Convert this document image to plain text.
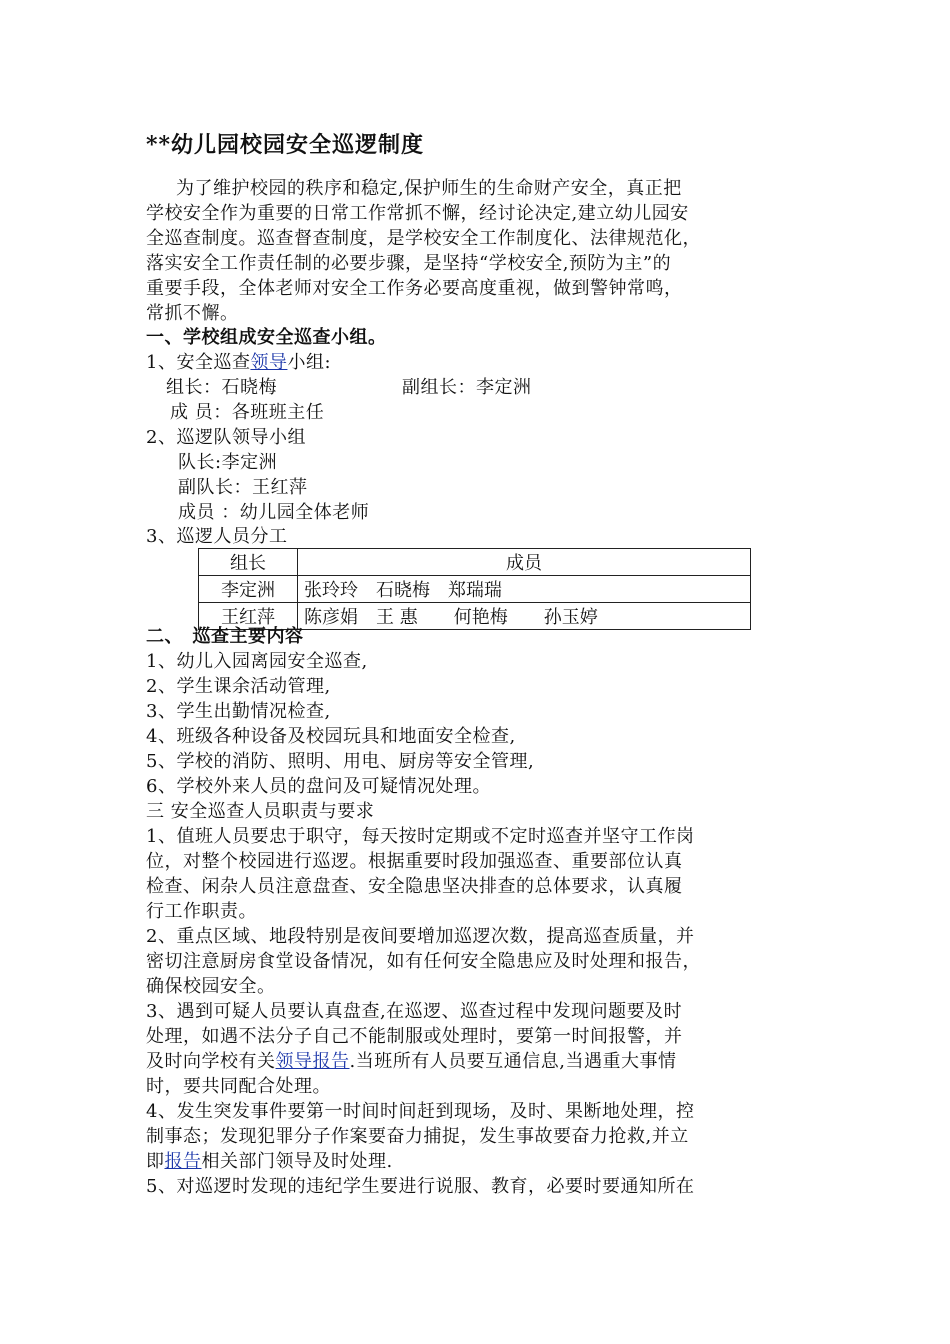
**幼儿园校园安全巡逻制度
为了维护校园的秩序和稳定,保护师生的生命财产安全，真正把
学校安全作为重要的日常工作常抓不懈，经讨论决定,建立幼儿园安
全巡查制度。巡查督查制度，是学校安全工作制度化、法律规范化，
落实安全工作责任制的必要步骤，是坚持“学校安全,预防为主”的
重要手段，全体老师对安全工作务必要高度重视，做到警钟常鸣，
常抓不懈。
一、学校组成安全巡查小组。
1、安全巡查领导小组:
组长：石晓梅	副组长：李定洲
成 员：各班班主任
2、巡逻队领导小组
队长:李定洲
副队长：王红萍
成员 ：幼儿园全体老师
3、巡逻人员分工
组长	成员
李定洲	张玲玲　石晓梅　郑瑞瑞
王红萍	陈彦娟　王 惠　　何艳梅　　孙玉婷
二、　巡查主要内容
1、幼儿入园离园安全巡查,
2、学生课余活动管理,
3、学生出勤情况检查,
4、班级各种设备及校园玩具和地面安全检查,
5、学校的消防、照明、用电、厨房等安全管理,
6、学校外来人员的盘问及可疑情况处理。
三 安全巡查人员职责与要求
1、值班人员要忠于职守，每天按时定期或不定时巡查并坚守工作岗
位，对整个校园进行巡逻。根据重要时段加强巡查、重要部位认真
检查、闲杂人员注意盘查、安全隐患坚决排查的总体要求，认真履
行工作职责。
2、重点区域、地段特别是夜间要增加巡逻次数，提高巡查质量，并
密切注意厨房食堂设备情况，如有任何安全隐患应及时处理和报告，
确保校园安全。
3、遇到可疑人员要认真盘查,在巡逻、巡查过程中发现问题要及时
处理，如遇不法分子自己不能制服或处理时，要第一时间报警，并
及时向学校有关领导报告.当班所有人员要互通信息,当遇重大事情
时，要共同配合处理。
4、发生突发事件要第一时间时间赶到现场，及时、果断地处理，控
制事态；发现犯罪分子作案要奋力捕捉，发生事故要奋力抢救,并立
即报告相关部门领导及时处理.
5、对巡逻时发现的违纪学生要进行说服、教育，必要时要通知所在
